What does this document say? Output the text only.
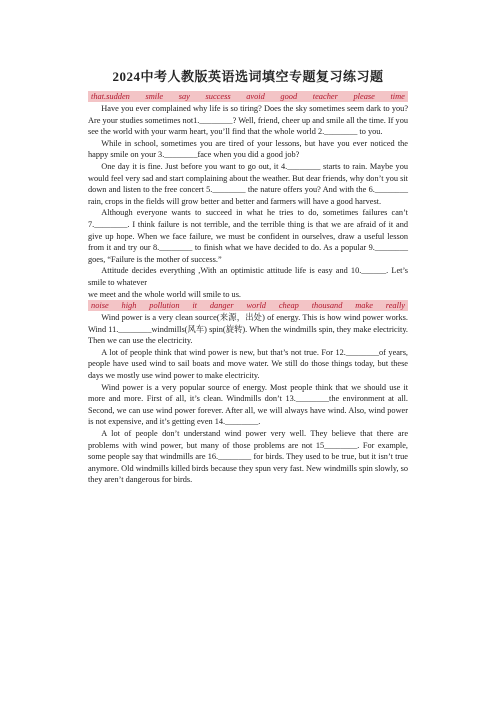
2024中考人教版英语选词填空专题复习练习题
that.sudden smile say success avoid good teacher please time

Have you ever complained why life is so tiring? Does the sky sometimes seem dark to you? Are your studies sometimes not1.________? Well, friend, cheer up and smile all the time. If you see the world with your warm heart, you’ll find that the whole world 2.________ to you.

While in school, sometimes you are tired of your lessons, but have you ever noticed the happy smile on your 3.________face when you did a good job?

One day it is fine. Just before you want to go out, it 4.________ starts to rain. Maybe you would feel very sad and start complaining about the weather. But dear friends, why don’t you sit down and listen to the free concert 5.________ the nature offers you? And with the 6.________ rain, crops in the fields will grow better and better and farmers will have a good harvest.

Although everyone wants to succeed in what he tries to do, sometimes failures can’t 7.________. I think failure is not terrible, and the terrible thing is that we are afraid of it and give up hope. When we face failure, we must be confident in ourselves, draw a useful lesson from it and try our 8.________ to finish what we have decided to do. As a popular 9.________ goes, “Failure is the mother of success.”

Attitude decides everything ,With an optimistic attitude life is easy and 10.______. Let’s smile to whatever

we meet and the whole world will smile to us.

noise high pollution it danger world cheap thousand make really

Wind power is a very clean source(来源，出处) of energy. This is how wind power works. Wind 11.________windmills(风车) spin(旋转). When the windmills spin, they make electricity. Then we can use the electricity.

A lot of people think that wind power is new, but that’s not true. For 12.________of years, people have used wind to sail boats and move water. We still do those things today, but these days we mostly use wind power to make electricity.

Wind power is a very popular source of energy. Most people think that we should use it more and more. First of all, it’s clean. Windmills don’t 13.________the environment at all. Second, we can use wind power forever. After all, we will always have wind. Also, wind power is not expensive, and it’s getting even 14.________.

A lot of people don’t understand wind power very well. They believe that there are problems with wind power, but many of those problems are not 15________. For example, some people say that windmills are 16.________ for birds. They used to be true, but it isn’t true anymore. Old windmills killed birds because they spun very fast. New windmills spin slowly, so they aren’t dangerous for birds.
